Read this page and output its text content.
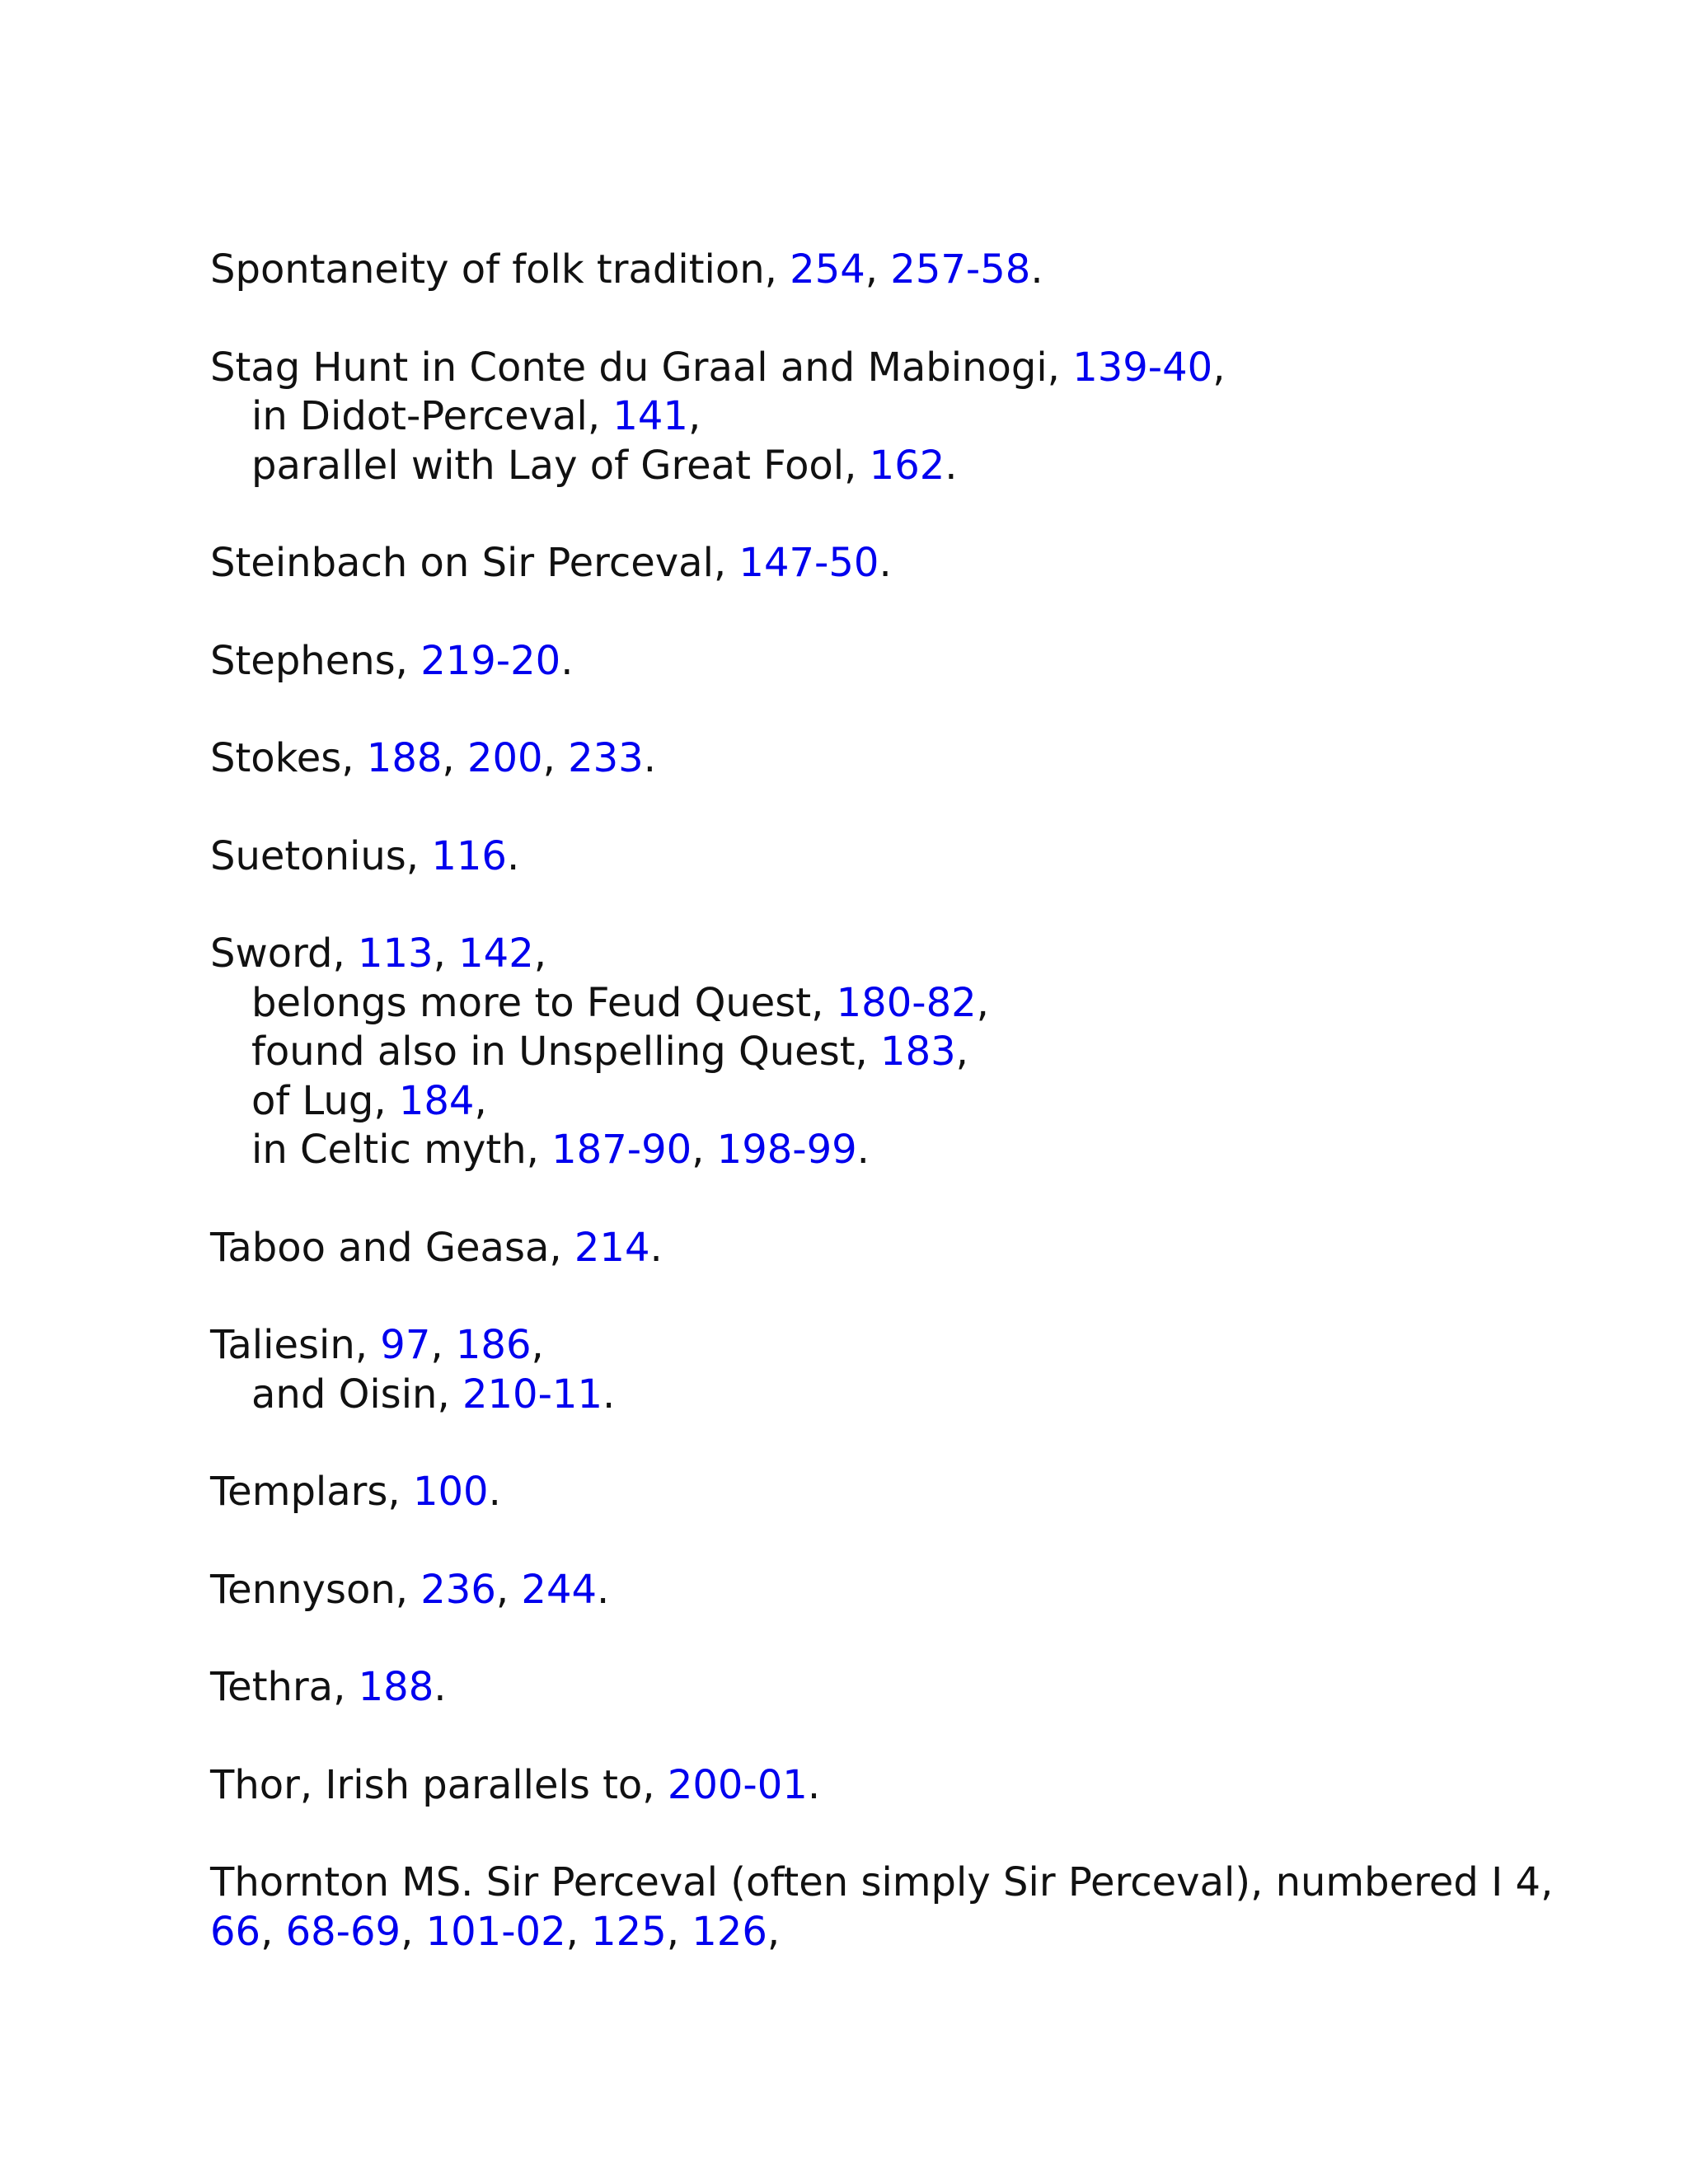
Spontaneity of folk tradition, 254, 257-58.
Stag Hunt in Conte du Graal and Mabinogi, 139-40,
in Didot-Perceval, 141,
parallel with Lay of Great Fool, 162.
Steinbach on Sir Perceval, 147-50.
Stephens, 219-20.
Stokes, 188, 200, 233.
Suetonius, 116.
Sword, 113, 142,
belongs more to Feud Quest, 180-82,
found also in Unspelling Quest, 183,
of Lug, 184,
in Celtic myth, 187-90, 198-99.
Taboo and Geasa, 214.
Taliesin, 97, 186,
and Oisin, 210-11.
Templars, 100.
Tennyson, 236, 244.
Tethra, 188.
Thor, Irish parallels to, 200-01.
Thornton MS. Sir Perceval (often simply Sir Perceval), numbered I 4,
66, 68-69, 101-02, 125, 126,
